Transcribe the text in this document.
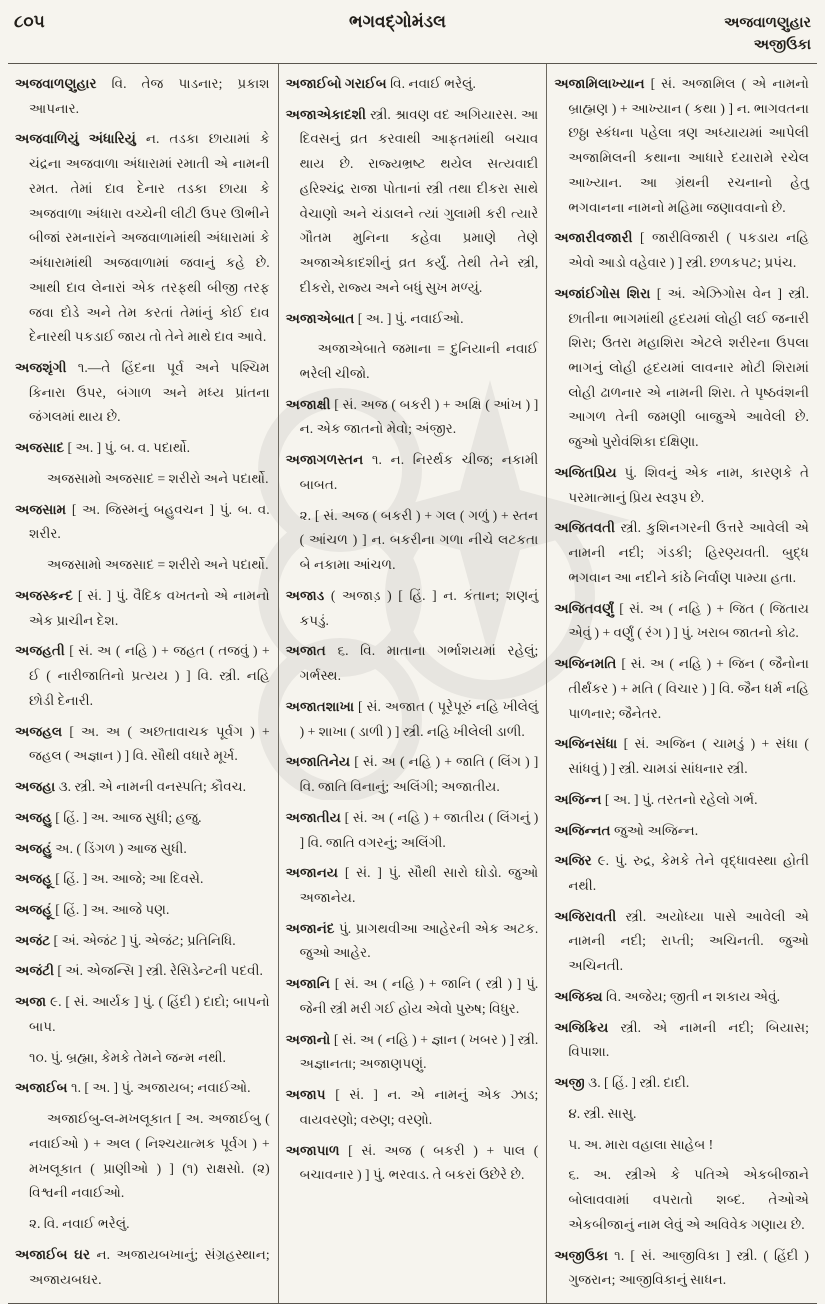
૮૦૫	ભગવદ્ગોમંડલ	અજવાળણુહાર
અજીઉકા

અજવાળણુહાર વિ. તેજ પાડનાર; પ્રકાશ આપનાર.

અજવાળિયું અંધારિયું ન. તડકા છાયામાં કે ચંદ્રના અજવાળા અંધારામાં રમાતી એ નામની રમત. તેમાં દાવ દેનાર તડકા છાયા કે અજવાળા અંધારા વચ્ચેની લીટી ઉપર ઊભીને બીજાં રમનારાંને અજવાળામાંથી અંધારામાં કે અંધારામાંથી અજવાળામાં જવાનું કહે છે. આથી દાવ લેનારાં એક તરફથી બીજી તરફ જવા દોડે અને તેમ કરતાં તેમાંનું કોઈ દાવ દેનારથી પકડાઈ જાય તો તેને માથે દાવ આવે.

અજશૃંગી ૧.—તે હિંદના પૂર્વ અને પશ્ચિમ કિનારા ઉપર, બંગાળ અને મધ્ય પ્રાંતના જંગલમાં થાય છે.

અજસાદ [ અ. ] પું. બ. વ. પદાર્થો.

અજસામો અજસાદ = શરીરો અને પદાર્થો.

અજસામ [ અ. જિસ્મનું બહુવચન ] પું. બ. વ. શરીર.

અજસામો અજસાદ = શરીરો અને પદાર્થો.

અજસ્કન્દ [ સં. ] પું. વૈદિક વખતનો એ નામનો એક પ્રાચીન દેશ.

અજહતી [ સં. અ ( નહિ ) + જહત ( તજવું ) + ઈ ( નારીજાતિનો પ્રત્યય ) ] વિ. સ્ત્રી. નહિ છોડી દેનારી.

અજહલ [ અ. અ ( અછતાવાચક પૂર્વગ ) + જહલ ( અજ્ઞાન ) ] વિ. સૌથી વધારે મૂર્ખ.

અજહા ૩. સ્ત્રી. એ નામની વનસ્પતિ; કૌવચ.

અજહુ [ હિં. ] અ. આજ સુધી; હજુ.

અજહું અ. ( ડિંગળ ) આજ સુધી.

અજહૂ [ હિં. ] અ. આજે; આ દિવસે.

અજહૂં [ હિં. ] અ. આજે પણ.

અજંટ [ અં. એજંટ ] પું. એજંટ; પ્રતિનિધિ.

અજંટી [ અં. એજન્સિ ] સ્ત્રી. રેસિડેન્ટની પદવી.

અજા ૯. [ સં. આર્યક ] પું. ( હિંદી ) દાદો; બાપનો બાપ.

૧૦. પું. બ્રહ્મા, કેમકે તેમને જન્મ નથી.

અજાઈબ ૧. [ અ. ] પું. અજાયબ; નવાઈઓ.

અજાઈબુ-લ-મખલૂકાત [ અ. અજાઈબુ ( નવાઈઓ ) + અલ ( નિશ્ચયાત્મક પૂર્વગ ) + મખલૂકાત ( પ્રાણીઓ ) ] (૧) રાક્ષસો. (૨) વિશ્વની નવાઈઓ.

૨. વિ. નવાઈ ભરેલું.

અજાઈબ ઘર ન. અજાયબખાનું; સંગ્રહસ્થાન; અજાયબઘર.

અજાઈબો ગરાઈબ વિ. નવાઈ ભરેલું.

અજાએકાદશી સ્ત્રી. શ્રાવણ વદ અગિયારસ. આ દિવસનું વ્રત કરવાથી આફતમાંથી બચાવ થાય છે. રાજ્યભ્રષ્ટ થયેલ સત્યવાદી હરિશ્ચંદ્ર રાજા પોતાનાં સ્ત્રી તથા દીકરા સાથે વેચાણો અને ચંડાલને ત્યાં ગુલામી કરી ત્યારે ગૌતમ મુનિના કહેવા પ્રમાણે તેણે અજાએકાદશીનું વ્રત કર્યું. તેથી તેને સ્ત્રી, દીકરો, રાજ્ય અને બધું સુખ મળ્યું.

અજાએબાત [ અ. ] પું. નવાઈઓ.

અજાએબાતે જમાના = દુનિયાની નવાઈ ભરેલી ચીજો.

અજાક્ષી [ સં. અજ ( બકરી ) + અક્ષિ ( આંખ ) ] ન. એક જાતનો મેવો; અંજીર.

અજાગળસ્તન ૧. ન. નિરર્થક ચીજ; નકામી બાબત.

૨. [ સં. અજ ( બકરી ) + ગલ ( ગળું ) + સ્તન ( આંચળ ) ] ન. બકરીના ગળા નીચે લટકતા બે નકામા આંચળ.

અજાડ ( અજાડ઼ ) [ હિં. ] ન. કંતાન; શણનું કપડું.

અજાત ૬. વિ. માતાના ગર્ભાશયમાં રહેલું; ગર્ભસ્થ.

અજાતશાખા [ સં. અજાત ( પૂરેપૂરું નહિ ખીલેલું ) + શાખા ( ડાળી ) ] સ્ત્રી. નહિ ખીલેલી ડાળી.

અજાતિનેય [ સં. અ ( નહિ ) + જાતિ ( લિંગ ) ] વિ. જાતિ વિનાનું; અલિંગી; અજાતીય.

અજાતીય [ સં. અ ( નહિ ) + જાતીય ( લિંગનું ) ] વિ. જાતિ વગરનું; અલિંગી.

અજાનય [ સં. ] પું. સૌથી સારો ઘોડો. જુઓ અજાનેય.

અજાનંદ પું. પ્રાગથવીઆ આહેરની એક અટક. જુઓ આહેર.

અજાનિ [ સં. અ ( નહિ ) + જાનિ ( સ્ત્રી ) ] પું. જેની સ્ત્રી મરી ગઈ હોય એવો પુરુષ; વિધુર.

અજાનો [ સં. અ ( નહિ ) + જ્ઞાન ( ખબર ) ] સ્ત્રી. અજ્ઞાનતા; અજાણપણું.

અજાપ [ સં. ] ન. એ નામનું એક ઝાડ; વાયવરણો; વરુણ; વરણો.

અજાપાળ [ સં. અજ ( બકરી ) + પાલ ( બચાવનાર ) ] પું. ભરવાડ. તે બકરાં ઉછેરે છે.

અજામિલાખ્યાન [ સં. અજામિલ ( એ નામનો બ્રાહ્મણ ) + આખ્યાન ( કથા ) ] ન. ભાગવતના છઠ્ઠા સ્કંધના પહેલા ત્રણ અધ્યાયમાં આપેલી અજામિલની કથાના આધારે દયારામે રચેલ આખ્યાન. આ ગ્રંથની રચનાનો હેતુ ભગવાનના નામનો મહિમા જણાવવાનો છે.

અજારીવજારી [ જારીવિજારી ( પકડાય નહિ એવો આડો વહેવાર ) ] સ્ત્રી. છળકપટ; પ્રપંચ.

અજાંઈગોસ શિરા [ અં. એઝિગોસ વેન ] સ્ત્રી. છાતીના ભાગમાંથી હૃદયમાં લોહી લઈ જનારી શિરા; ઉતરા મહાશિરા એટલે શરીરના ઉપલા ભાગનું લોહી હૃદયમાં લાવનાર મોટી શિરામાં લોહી ઢાળનાર એ નામની શિરા. તે પૃષ્ઠવંશની આગળ તેની જમણી બાજુએ આવેલી છે. જુઓ પુરોવંશિકા દક્ષિણા.

અજિતપ્રિય પું. શિવનું એક નામ, કારણકે તે પરમાત્માનું પ્રિય સ્વરૂપ છે.

અજિતવતી સ્ત્રી. કુશિનગરની ઉત્તરે આવેલી એ નામની નદી; ગંડકી; હિરણ્યવતી. બુદ્ધ ભગવાન આ નદીને કાંઠે નિર્વાણ પામ્યા હતા.

અજિતવર્ણું [ સં. અ ( નહિ ) + જિત ( જિતાય એવું ) + વર્ણું ( રંગ ) ] પું. ખરાબ જાતનો કોઢ.

અજિનમતિ [ સં. અ ( નહિ ) + જિન ( જૈનોના તીર્થંકર ) + મતિ ( વિચાર ) ] વિ. જૈન ધર્મ નહિ પાળનાર; જૈનેતર.

અજિનસંધા [ સં. અજિન ( ચામડું ) + સંધા ( સાંધવું ) ] સ્ત્રી. ચામડાં સાંધનાર સ્ત્રી.

અજિન્ન [ અ. ] પું. તરતનો રહેલો ગર્ભ.

અજિન્નત જુઓ અજિન્ન.

અજિર ૯. પું. રુદ્ર, કેમકે તેને વૃદ્ધાવસ્થા હોતી નથી.

અજિરાવતી સ્ત્રી. અયોધ્યા પાસે આવેલી એ નામની નદી; રાપ્તી; અચિનતી. જુઓ અચિનતી.

અજિક્ય વિ. અજેય; જીતી ન શકાય એવું.

અજિક્રિય સ્ત્રી. એ નામની નદી; બિયાસ; વિપાશા.

અજી ૩. [ હિં. ] સ્ત્રી. દાદી.

૪. સ્ત્રી. સાસુ.

૫. અ. મારા વહાલા સાહેબ !

૬. અ. સ્ત્રીએ કે પતિએ એકબીજાને બોલાવવામાં વપરાતો શબ્દ. તેઓએ એકબીજાનું નામ લેવું એ અવિવેક ગણાય છે.

અજીઉકા ૧. [ સં. આજીવિકા ] સ્ત્રી. ( હિંદી ) ગુજરાન; આજીવિકાનું સાધન.
